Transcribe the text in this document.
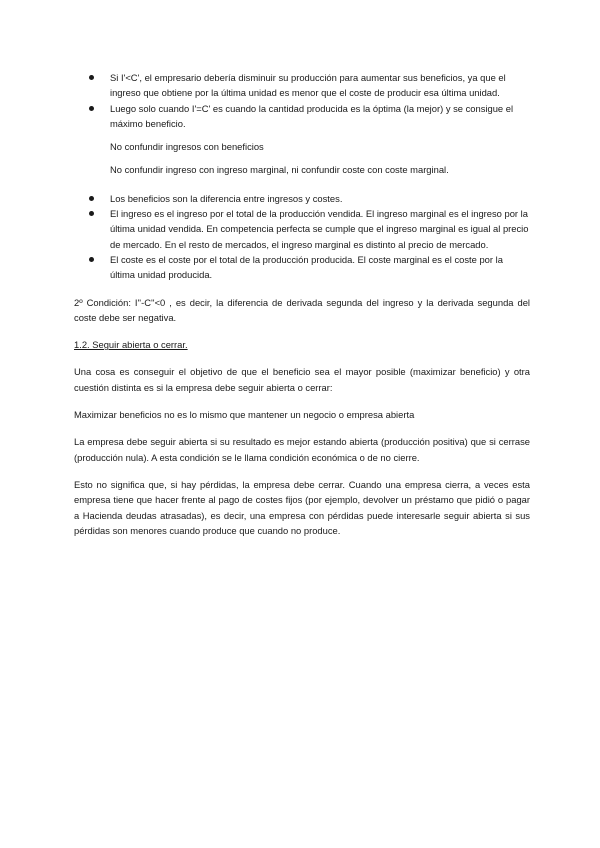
Si I'<C', el empresario debería disminuir su producción para aumentar sus beneficios, ya que el ingreso que obtiene por la última unidad es menor que el coste de producir esa última unidad.
Luego solo cuando I'=C' es cuando la cantidad producida es la óptima (la mejor) y se consigue el máximo beneficio.

No confundir ingresos con beneficios

No confundir ingreso con ingreso marginal, ni confundir coste con coste marginal.

Los beneficios son la diferencia entre ingresos y costes.
El ingreso es el ingreso por el total de la producción vendida. El ingreso marginal es el ingreso por la última unidad vendida. En competencia perfecta se cumple que el ingreso marginal es igual al precio de mercado. En el resto de mercados, el ingreso marginal es distinto al precio de mercado.
El coste es el coste por el total de la producción producida. El coste marginal es el coste por la última unidad producida.

2º Condición: I''-C''<0 , es decir, la diferencia de derivada segunda del ingreso y la derivada segunda del coste debe ser negativa.

1.2. Seguir abierta o cerrar.

Una cosa es conseguir el objetivo de que el beneficio sea el mayor posible (maximizar beneficio) y otra cuestión distinta es si la empresa debe seguir abierta o cerrar:

Maximizar beneficios no es lo mismo que mantener un negocio o empresa abierta

La empresa debe seguir abierta si su resultado es mejor estando abierta (producción positiva) que si cerrase (producción nula). A esta condición se le llama condición económica o de no cierre.

Esto no significa que, si hay pérdidas, la empresa debe cerrar. Cuando una empresa cierra, a veces esta empresa tiene que hacer frente al pago de costes fijos (por ejemplo, devolver un préstamo que pidió o pagar a Hacienda deudas atrasadas), es decir, una empresa con pérdidas puede interesarle seguir abierta si sus pérdidas son menores cuando produce que cuando no produce.
